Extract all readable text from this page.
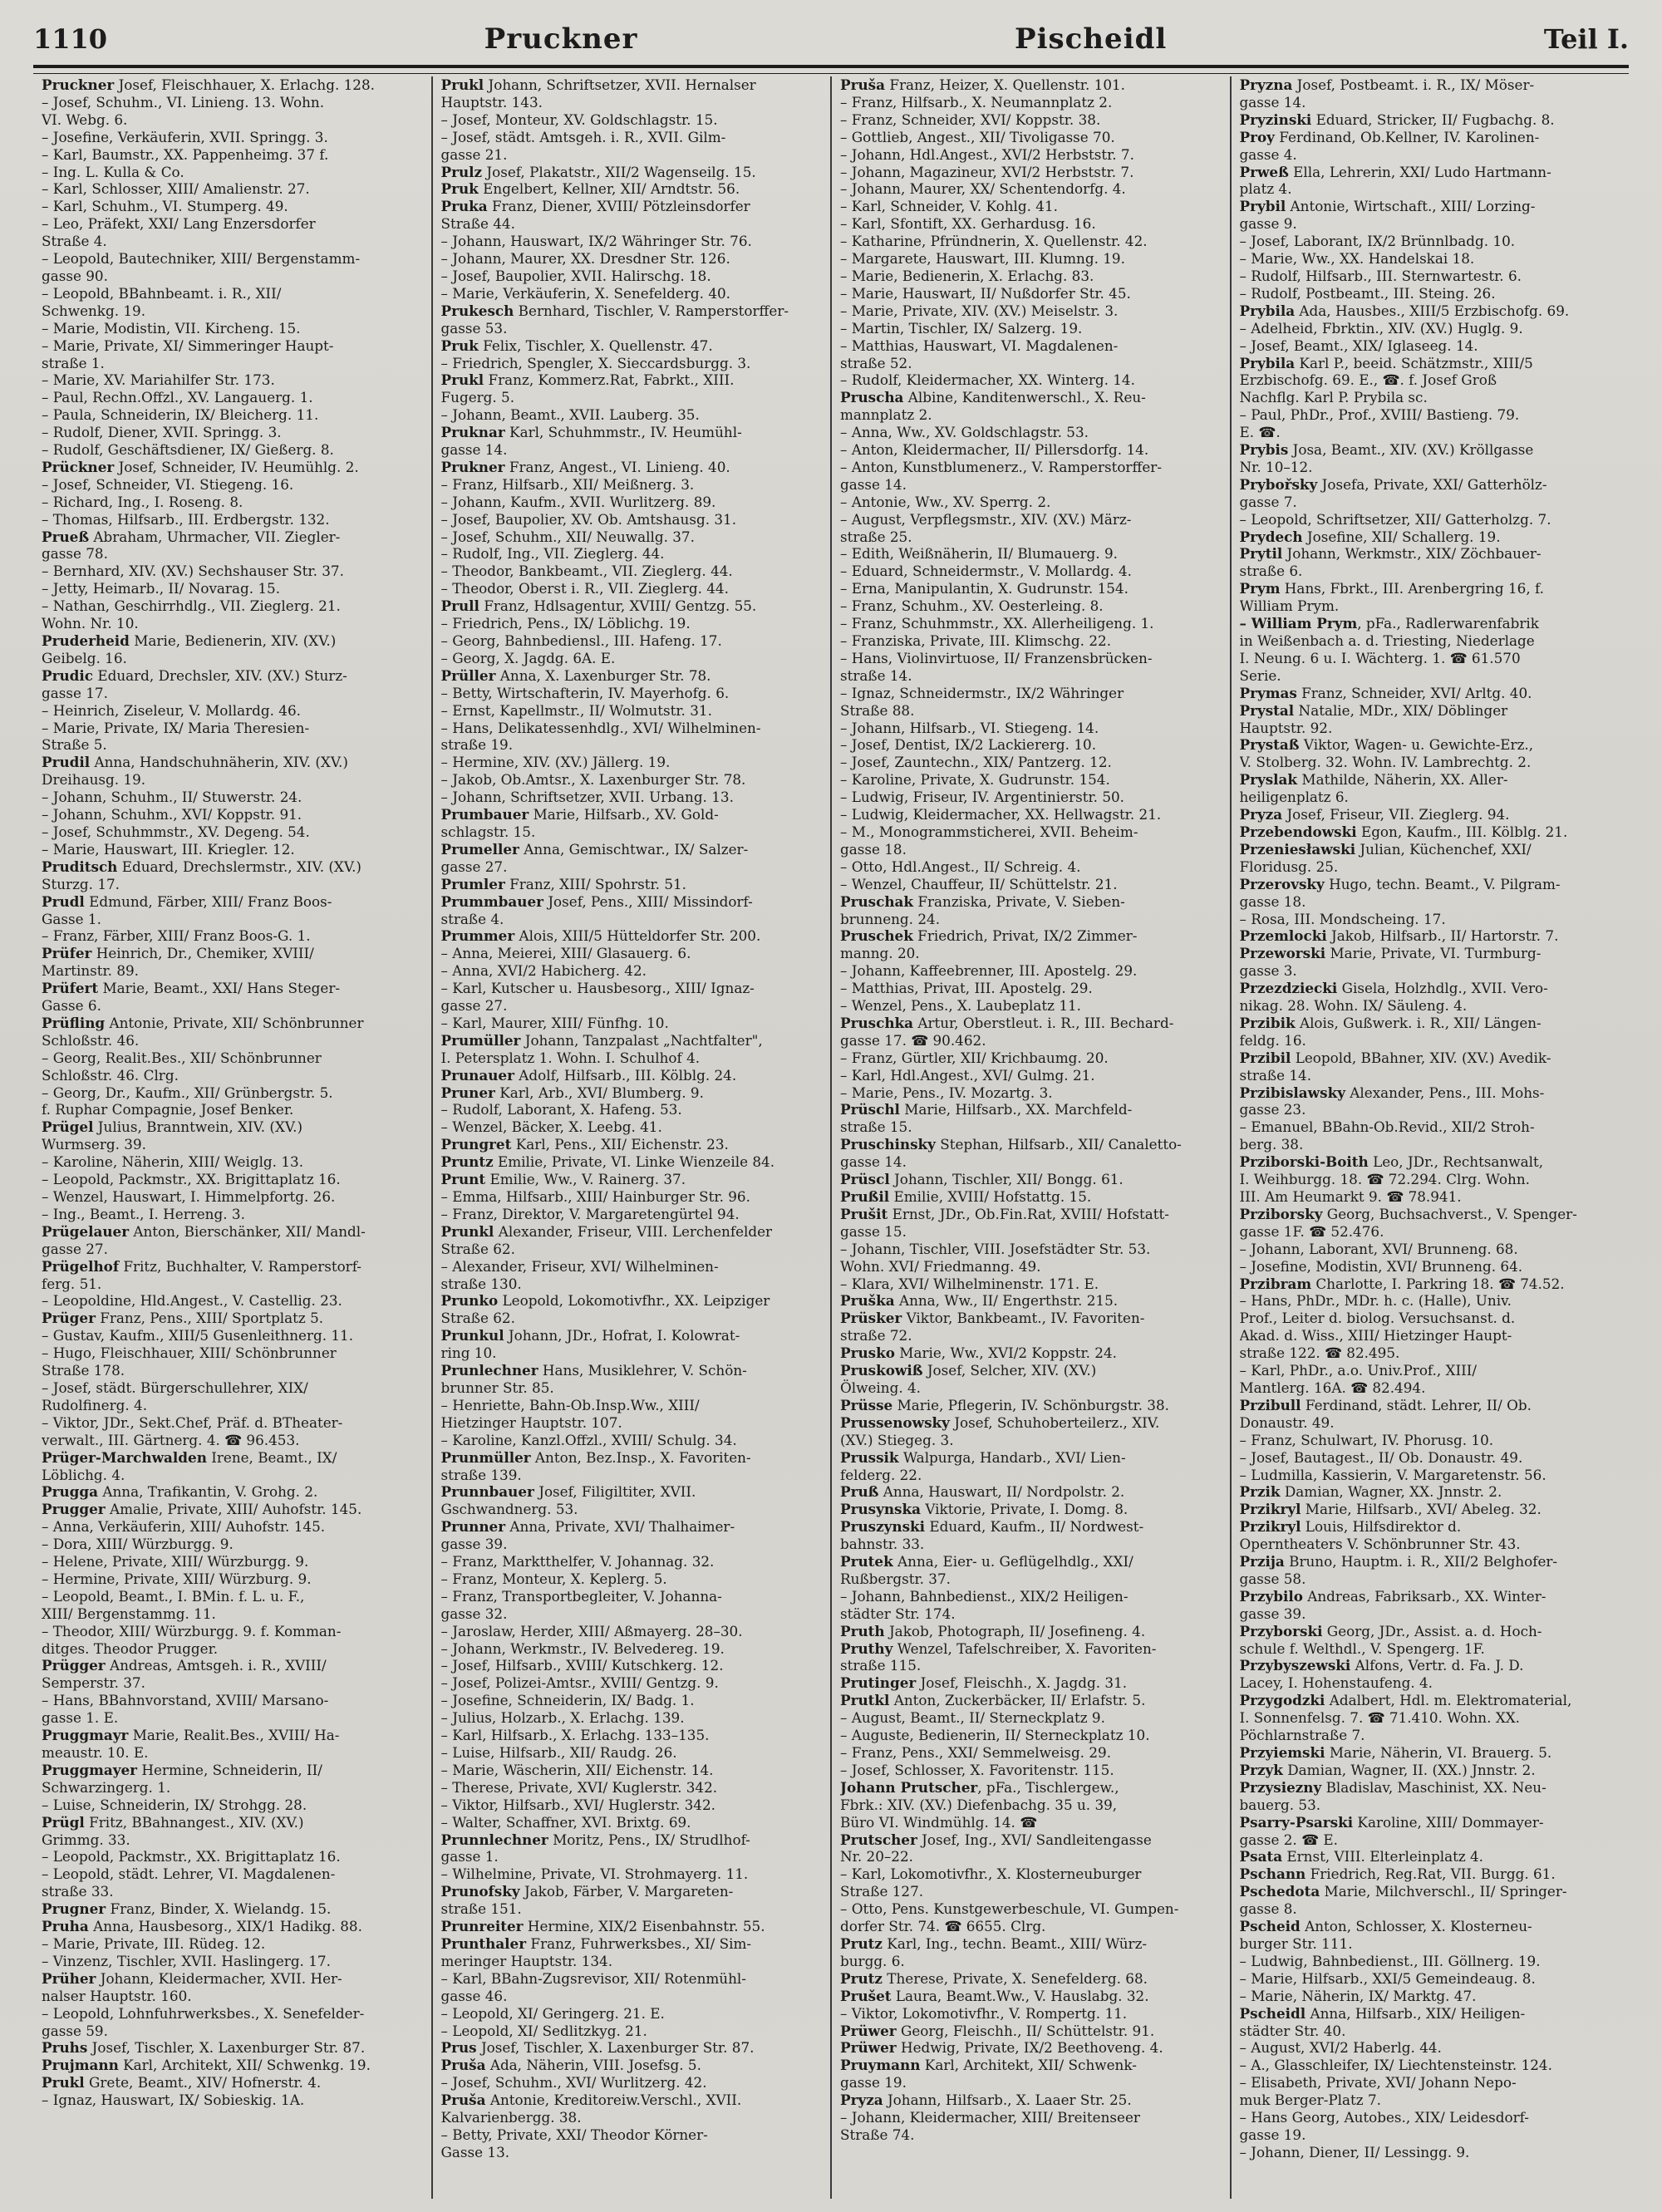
1110	Pruckner	Pischeidl	Teil I.
Pruckner Josef, Fleischhauer, X. Erlachg. 128.
– Josef, Schuhm., VI. Linieng. 13. Wohn.
VI. Webg. 6.
– Josefine, Verkäuferin, XVII. Springg. 3.
– Karl, Baumstr., XX. Pappenheimg. 37 f.
– Ing. L. Kulla & Co.
– Karl, Schlosser, XIII/ Amalienstr. 27.
– Karl, Schuhm., VI. Stumperg. 49.
– Leo, Präfekt, XXI/ Lang Enzersdorfer
Straße 4.
– Leopold, Bautechniker, XIII/ Bergenstamm-
gasse 90.
– Leopold, BBahnbeamt. i. R., XII/
Schwenkg. 19.
– Marie, Modistin, VII. Kircheng. 15.
– Marie, Private, XI/ Simmeringer Haupt-
straße 1.
– Marie, XV. Mariahilfer Str. 173.
– Paul, Rechn.Offzl., XV. Langauerg. 1.
– Paula, Schneiderin, IX/ Bleicherg. 11.
– Rudolf, Diener, XVII. Springg. 3.
– Rudolf, Geschäftsdiener, IX/ Gießerg. 8.
Prückner Josef, Schneider, IV. Heumühlg. 2.
– Josef, Schneider, VI. Stiegeng. 16.
– Richard, Ing., I. Roseng. 8.
– Thomas, Hilfsarb., III. Erdbergstr. 132.
Prueß Abraham, Uhrmacher, VII. Ziegler-
gasse 78.
– Bernhard, XIV. (XV.) Sechshauser Str. 37.
– Jetty, Heimarb., II/ Novarag. 15.
– Nathan, Geschirrhdlg., VII. Zieglerg. 21.
Wohn. Nr. 10.
Pruderheid Marie, Bedienerin, XIV. (XV.)
Geibelg. 16.
Prudic Eduard, Drechsler, XIV. (XV.) Sturz-
gasse 17.
– Heinrich, Ziseleur, V. Mollardg. 46.
– Marie, Private, IX/ Maria Theresien-
Straße 5.
Prudil Anna, Handschuhnäherin, XIV. (XV.)
Dreihausg. 19.
– Johann, Schuhm., II/ Stuwerstr. 24.
– Johann, Schuhm., XVI/ Koppstr. 91.
– Josef, Schuhmmstr., XV. Degeng. 54.
– Marie, Hauswart, III. Kriegler. 12.
Pruditsch Eduard, Drechslermstr., XIV. (XV.)
Sturzg. 17.
Prudl Edmund, Färber, XIII/ Franz Boos-
Gasse 1.
– Franz, Färber, XIII/ Franz Boos-G. 1.
Prüfer Heinrich, Dr., Chemiker, XVIII/
Martinstr. 89.
Prüfert Marie, Beamt., XXI/ Hans Steger-
Gasse 6.
Prüfling Antonie, Private, XII/ Schönbrunner
Schloßstr. 46.
– Georg, Realit.Bes., XII/ Schönbrunner
Schloßstr. 46. Clrg.
– Georg, Dr., Kaufm., XII/ Grünbergstr. 5.
f. Ruphar Compagnie, Josef Benker.
Prügel Julius, Branntwein, XIV. (XV.)
Wurmserg. 39.
– Karoline, Näherin, XIII/ Weiglg. 13.
– Leopold, Packmstr., XX. Brigittaplatz 16.
– Wenzel, Hauswart, I. Himmelpfortg. 26.
– Ing., Beamt., I. Herreng. 3.
Prügelauer Anton, Bierschänker, XII/ Mandl-
gasse 27.
Prügelhof Fritz, Buchhalter, V. Ramperstorf-
ferg. 51.
– Leopoldine, Hld.Angest., V. Castellig. 23.
Prüger Franz, Pens., XIII/ Sportplatz 5.
– Gustav, Kaufm., XIII/5 Gusenleithnerg. 11.
– Hugo, Fleischhauer, XIII/ Schönbrunner
Straße 178.
– Josef, städt. Bürgerschullehrer, XIX/
Rudolfinerg. 4.
– Viktor, JDr., Sekt.Chef, Präf. d. BTheater-
verwalt., III. Gärtnerg. 4. ☎ 96.453.
Prüger-Marchwalden Irene, Beamt., IX/
Löblichg. 4.
Prugga Anna, Trafikantin, V. Grohg. 2.
Prugger Amalie, Private, XIII/ Auhofstr. 145.
– Anna, Verkäuferin, XIII/ Auhofstr. 145.
– Dora, XIII/ Würzburgg. 9.
– Helene, Private, XIII/ Würzburgg. 9.
– Hermine, Private, XIII/ Würzburg. 9.
– Leopold, Beamt., I. BMin. f. L. u. F.,
XIII/ Bergenstammg. 11.
– Theodor, XIII/ Würzburgg. 9. f. Komman-
ditges. Theodor Prugger.
Prügger Andreas, Amtsgeh. i. R., XVIII/
Semperstr. 37.
– Hans, BBahnvorstand, XVIII/ Marsano-
gasse 1. E.
Pruggmayr Marie, Realit.Bes., XVIII/ Ha-
meaustr. 10. E.
Pruggmayer Hermine, Schneiderin, II/
Schwarzingerg. 1.
– Luise, Schneiderin, IX/ Strohgg. 28.
Prügl Fritz, BBahnangest., XIV. (XV.)
Grimmg. 33.
– Leopold, Packmstr., XX. Brigittaplatz 16.
– Leopold, städt. Lehrer, VI. Magdalenen-
straße 33.
Prugner Franz, Binder, X. Wielandg. 15.
Pruha Anna, Hausbesorg., XIX/1 Hadikg. 88.
– Marie, Private, III. Rüdeg. 12.
– Vinzenz, Tischler, XVII. Haslingerg. 17.
Prüher Johann, Kleidermacher, XVII. Her-
nalser Hauptstr. 160.
– Leopold, Lohnfuhrwerksbes., X. Senefelder-
gasse 59.
Pruhs Josef, Tischler, X. Laxenburger Str. 87.
Prujmann Karl, Architekt, XII/ Schwenkg. 19.
Prukl Grete, Beamt., XIV/ Hofnerstr. 4.
– Ignaz, Hauswart, IX/ Sobieskig. 1A.
Prukl Johann, Schriftsetzer, XVII. Hernalser
Hauptstr. 143.
– Josef, Monteur, XV. Goldschlagstr. 15.
– Josef, städt. Amtsgeh. i. R., XVII. Gilm-
gasse 21.
Prulz Josef, Plakatstr., XII/2 Wagenseilg. 15.
Pruk Engelbert, Kellner, XII/ Arndtstr. 56.
Pruka Franz, Diener, XVIII/ Pötzleinsdorfer
Straße 44.
– Johann, Hauswart, IX/2 Währinger Str. 76.
– Johann, Maurer, XX. Dresdner Str. 126.
– Josef, Baupolier, XVII. Halirschg. 18.
– Marie, Verkäuferin, X. Senefelderg. 40.
Prukesch Bernhard, Tischler, V. Ramperstorffer-
gasse 53.
Pruk Felix, Tischler, X. Quellenstr. 47.
– Friedrich, Spengler, X. Sieccardsburgg. 3.
Prukl Franz, Kommerz.Rat, Fabrkt., XIII.
Fugerg. 5.
– Johann, Beamt., XVII. Lauberg. 35.
Pruknar Karl, Schuhmmstr., IV. Heumühl-
gasse 14.
Prukner Franz, Angest., VI. Linieng. 40.
– Franz, Hilfsarb., XII/ Meißnerg. 3.
– Johann, Kaufm., XVII. Wurlitzerg. 89.
– Josef, Baupolier, XV. Ob. Amtshausg. 31.
– Josef, Schuhm., XII/ Neuwallg. 37.
– Rudolf, Ing., VII. Zieglerg. 44.
– Theodor, Bankbeamt., VII. Zieglerg. 44.
– Theodor, Oberst i. R., VII. Zieglerg. 44.
Prull Franz, Hdlsagentur, XVIII/ Gentzg. 55.
– Friedrich, Pens., IX/ Löblichg. 19.
– Georg, Bahnbediensl., III. Hafeng. 17.
– Georg, X. Jagdg. 6A. E.
Prüller Anna, X. Laxenburger Str. 78.
– Betty, Wirtschafterin, IV. Mayerhofg. 6.
– Ernst, Kapellmstr., II/ Wolmutstr. 31.
– Hans, Delikatessenhdlg., XVI/ Wilhelminen-
straße 19.
– Hermine, XIV. (XV.) Jällerg. 19.
– Jakob, Ob.Amtsr., X. Laxenburger Str. 78.
– Johann, Schriftsetzer, XVII. Urbang. 13.
Prumbauer Marie, Hilfsarb., XV. Gold-
schlagstr. 15.
Prumeller Anna, Gemischtwar., IX/ Salzer-
gasse 27.
Prumler Franz, XIII/ Spohrstr. 51.
Prummbauer Josef, Pens., XIII/ Missindorf-
straße 4.
Prummer Alois, XIII/5 Hütteldorfer Str. 200.
– Anna, Meierei, XIII/ Glasauerg. 6.
– Anna, XVI/2 Habicherg. 42.
– Karl, Kutscher u. Hausbesorg., XIII/ Ignaz-
gasse 27.
– Karl, Maurer, XIII/ Fünfhg. 10.
Prumüller Johann, Tanzpalast „Nachtfalter",
I. Petersplatz 1. Wohn. I. Schulhof 4.
Prunauer Adolf, Hilfsarb., III. Kölblg. 24.
Pruner Karl, Arb., XVI/ Blumberg. 9.
– Rudolf, Laborant, X. Hafeng. 53.
– Wenzel, Bäcker, X. Leebg. 41.
Prungret Karl, Pens., XII/ Eichenstr. 23.
Pruntz Emilie, Private, VI. Linke Wienzeile 84.
Prunt Emilie, Ww., V. Rainerg. 37.
– Emma, Hilfsarb., XIII/ Hainburger Str. 96.
– Franz, Direktor, V. Margaretengürtel 94.
Prunkl Alexander, Friseur, VIII. Lerchenfelder
Straße 62.
– Alexander, Friseur, XVI/ Wilhelminen-
straße 130.
Prunko Leopold, Lokomotivfhr., XX. Leipziger
Straße 62.
Prunkul Johann, JDr., Hofrat, I. Kolowrat-
ring 10.
Prunlechner Hans, Musiklehrer, V. Schön-
brunner Str. 85.
– Henriette, Bahn-Ob.Insp.Ww., XIII/
Hietzinger Hauptstr. 107.
– Karoline, Kanzl.Offzl., XVIII/ Schulg. 34.
Prunmüller Anton, Bez.Insp., X. Favoriten-
straße 139.
Prunnbauer Josef, Filigiltiter, XVII.
Gschwandnerg. 53.
Prunner Anna, Private, XVI/ Thalhaimer-
gasse 39.
– Franz, Marktthelfer, V. Johannag. 32.
– Franz, Monteur, X. Keplerg. 5.
– Franz, Transportbegleiter, V. Johanna-
gasse 32.
– Jaroslaw, Herder, XIII/ Aßmayerg. 28–30.
– Johann, Werkmstr., IV. Belvedereg. 19.
– Josef, Hilfsarb., XVIII/ Kutschkerg. 12.
– Josef, Polizei-Amtsr., XVIII/ Gentzg. 9.
– Josefine, Schneiderin, IX/ Badg. 1.
– Julius, Holzarb., X. Erlachg. 139.
– Karl, Hilfsarb., X. Erlachg. 133–135.
– Luise, Hilfsarb., XII/ Raudg. 26.
– Marie, Wäscherin, XII/ Eichenstr. 14.
– Therese, Private, XVI/ Kuglerstr. 342.
– Viktor, Hilfsarb., XVI/ Huglerstr. 342.
– Walter, Schaffner, XVI. Brixtg. 69.
Prunnlechner Moritz, Pens., IX/ Strudlhof-
gasse 1.
– Wilhelmine, Private, VI. Strohmayerg. 11.
Prunofsky Jakob, Färber, V. Margareten-
straße 151.
Prunreiter Hermine, XIX/2 Eisenbahnstr. 55.
Prunthaler Franz, Fuhrwerksbes., XI/ Sim-
meringer Hauptstr. 134.
– Karl, BBahn-Zugsrevisor, XII/ Rotenmühl-
gasse 46.
– Leopold, XI/ Geringerg. 21. E.
– Leopold, XI/ Sedlitzkyg. 21.
Prus Josef, Tischler, X. Laxenburger Str. 87.
Pruša Ada, Näherin, VIII. Josefsg. 5.
– Josef, Schuhm., XVI/ Wurlitzerg. 42.
Pruša Antonie, Kreditoreiw.Verschl., XVII.
Kalvarienbergg. 38.
– Betty, Private, XXI/ Theodor Körner-
Gasse 13.
Pruša Franz, Heizer, X. Quellenstr. 101.
– Franz, Hilfsarb., X. Neumannplatz 2.
– Franz, Schneider, XVI/ Koppstr. 38.
– Gottlieb, Angest., XII/ Tivoligasse 70.
– Johann, Hdl.Angest., XVI/2 Herbststr. 7.
– Johann, Magazineur, XVI/2 Herbststr. 7.
– Johann, Maurer, XX/ Schentendorfg. 4.
– Karl, Schneider, V. Kohlg. 41.
– Karl, Sfontift, XX. Gerhardusg. 16.
– Katharine, Pfründnerin, X. Quellenstr. 42.
– Margarete, Hauswart, III. Klumng. 19.
– Marie, Bedienerin, X. Erlachg. 83.
– Marie, Hauswart, II/ Nußdorfer Str. 45.
– Marie, Private, XIV. (XV.) Meiselstr. 3.
– Martin, Tischler, IX/ Salzerg. 19.
– Matthias, Hauswart, VI. Magdalenen-
straße 52.
– Rudolf, Kleidermacher, XX. Winterg. 14.
Pruscha Albine, Kanditenwerschl., X. Reu-
mannplatz 2.
– Anna, Ww., XV. Goldschlagstr. 53.
– Anton, Kleidermacher, II/ Pillersdorfg. 14.
– Anton, Kunstblumenerz., V. Ramperstorffer-
gasse 14.
– Antonie, Ww., XV. Sperrg. 2.
– August, Verpflegsmstr., XIV. (XV.) März-
straße 25.
– Edith, Weißnäherin, II/ Blumauerg. 9.
– Eduard, Schneidermstr., V. Mollardg. 4.
– Erna, Manipulantin, X. Gudrunstr. 154.
– Franz, Schuhm., XV. Oesterleing. 8.
– Franz, Schuhmmstr., XX. Allerheiligeng. 1.
– Franziska, Private, III. Klimschg. 22.
– Hans, Violinvirtuose, II/ Franzensbrücken-
straße 14.
– Ignaz, Schneidermstr., IX/2 Währinger
Straße 88.
– Johann, Hilfsarb., VI. Stiegeng. 14.
– Josef, Dentist, IX/2 Lackiererg. 10.
– Josef, Zauntechn., XIX/ Pantzerg. 12.
– Karoline, Private, X. Gudrunstr. 154.
– Ludwig, Friseur, IV. Argentinierstr. 50.
– Ludwig, Kleidermacher, XX. Hellwagstr. 21.
– M., Monogrammsticherei, XVII. Beheim-
gasse 18.
– Otto, Hdl.Angest., II/ Schreig. 4.
– Wenzel, Chauffeur, II/ Schüttelstr. 21.
Pruschak Franziska, Private, V. Sieben-
brunneng. 24.
Pruschek Friedrich, Privat, IX/2 Zimmer-
manng. 20.
– Johann, Kaffeebrenner, III. Apostelg. 29.
– Matthias, Privat, III. Apostelg. 29.
– Wenzel, Pens., X. Laubeplatz 11.
Pruschka Artur, Oberstleut. i. R., III. Bechard-
gasse 17. ☎ 90.462.
– Franz, Gürtler, XII/ Krichbaumg. 20.
– Karl, Hdl.Angest., XVI/ Gulmg. 21.
– Marie, Pens., IV. Mozartg. 3.
Prüschl Marie, Hilfsarb., XX. Marchfeld-
straße 15.
Pruschinsky Stephan, Hilfsarb., XII/ Canaletto-
gasse 14.
Prüscl Johann, Tischler, XII/ Bongg. 61.
Prußil Emilie, XVIII/ Hofstattg. 15.
Prušit Ernst, JDr., Ob.Fin.Rat, XVIII/ Hofstatt-
gasse 15.
– Johann, Tischler, VIII. Josefstädter Str. 53.
Wohn. XVI/ Friedmanng. 49.
– Klara, XVI/ Wilhelminenstr. 171. E.
Pruška Anna, Ww., II/ Engerthstr. 215.
Prüsker Viktor, Bankbeamt., IV. Favoriten-
straße 72.
Prusko Marie, Ww., XVI/2 Koppstr. 24.
Pruskowiß Josef, Selcher, XIV. (XV.)
Ölweing. 4.
Prüsse Marie, Pflegerin, IV. Schönburgstr. 38.
Prussenowsky Josef, Schuhoberteilerz., XIV.
(XV.) Stiegeg. 3.
Prussik Walpurga, Handarb., XVI/ Lien-
felderg. 22.
Pruß Anna, Hauswart, II/ Nordpolstr. 2.
Prusynska Viktorie, Private, I. Domg. 8.
Pruszynski Eduard, Kaufm., II/ Nordwest-
bahnstr. 33.
Prutek Anna, Eier- u. Geflügelhdlg., XXI/
Rußbergstr. 37.
– Johann, Bahnbedienst., XIX/2 Heiligen-
städter Str. 174.
Pruth Jakob, Photograph, II/ Josefineng. 4.
Pruthy Wenzel, Tafelschreiber, X. Favoriten-
straße 115.
Prutinger Josef, Fleischh., X. Jagdg. 31.
Prutkl Anton, Zuckerbäcker, II/ Erlafstr. 5.
– August, Beamt., II/ Sterneckplatz 9.
– Auguste, Bedienerin, II/ Sterneckplatz 10.
– Franz, Pens., XXI/ Semmelweisg. 29.
– Josef, Schlosser, X. Favoritenstr. 115.
Johann Prutscher, pFa., Tischlergew.,
Fbrk.: XIV. (XV.) Diefenbachg. 35 u. 39,
Büro VI. Windmühlg. 14. ☎
Prutscher Josef, Ing., XVI/ Sandleitengasse
Nr. 20–22.
– Karl, Lokomotivfhr., X. Klosterneuburger
Straße 127.
– Otto, Pens. Kunstgewerbeschule, VI. Gumpen-
dorfer Str. 74. ☎ 6655. Clrg.
Prutz Karl, Ing., techn. Beamt., XIII/ Würz-
burgg. 6.
Prutz Therese, Private, X. Senefelderg. 68.
Prušet Laura, Beamt.Ww., V. Hauslabg. 32.
– Viktor, Lokomotivfhr., V. Rompertg. 11.
Prüwer Georg, Fleischh., II/ Schüttelstr. 91.
Prüwer Hedwig, Private, IX/2 Beethoveng. 4.
Pruymann Karl, Architekt, XII/ Schwenk-
gasse 19.
Pryza Johann, Hilfsarb., X. Laaer Str. 25.
– Johann, Kleidermacher, XIII/ Breitenseer
Straße 74.
Pryzna Josef, Postbeamt. i. R., IX/ Möser-
gasse 14.
Pryzinski Eduard, Stricker, II/ Fugbachg. 8.
Proy Ferdinand, Ob.Kellner, IV. Karolinen-
gasse 4.
Prweß Ella, Lehrerin, XXI/ Ludo Hartmann-
platz 4.
Prybil Antonie, Wirtschaft., XIII/ Lorzing-
gasse 9.
– Josef, Laborant, IX/2 Brünnlbadg. 10.
– Marie, Ww., XX. Handelskai 18.
– Rudolf, Hilfsarb., III. Sternwartestr. 6.
– Rudolf, Postbeamt., III. Steing. 26.
Prybila Ada, Hausbes., XIII/5 Erzbischofg. 69.
– Adelheid, Fbrktin., XIV. (XV.) Huglg. 9.
– Josef, Beamt., XIX/ Iglaseeg. 14.
Prybila Karl P., beeid. Schätzmstr., XIII/5
Erzbischofg. 69. E., ☎. f. Josef Groß
Nachflg. Karl P. Prybila sc.
– Paul, PhDr., Prof., XVIII/ Bastieng. 79.
E. ☎.
Prybis Josa, Beamt., XIV. (XV.) Kröllgasse
Nr. 10–12.
Prybořsky Josefa, Private, XXI/ Gatterhölz-
gasse 7.
– Leopold, Schriftsetzer, XII/ Gatterholzg. 7.
Prydech Josefine, XII/ Schallerg. 19.
Prytil Johann, Werkmstr., XIX/ Zöchbauer-
straße 6.
Prym Hans, Fbrkt., III. Arenbergring 16, f.
William Prym.
– William Prym, pFa., Radlerwarenfabrik
in Weißenbach a. d. Triesting, Niederlage
I. Neung. 6 u. I. Wächterg. 1. ☎ 61.570
Serie.
Prymas Franz, Schneider, XVI/ Arltg. 40.
Prystal Natalie, MDr., XIX/ Döblinger
Hauptstr. 92.
Prystaß Viktor, Wagen- u. Gewichte-Erz.,
V. Stolberg. 32. Wohn. IV. Lambrechtg. 2.
Pryslak Mathilde, Näherin, XX. Aller-
heiligenplatz 6.
Pryza Josef, Friseur, VII. Zieglerg. 94.
Przebendowski Egon, Kaufm., III. Kölblg. 21.
Przeniesławski Julian, Küchenchef, XXI/
Floridusg. 25.
Przerovsky Hugo, techn. Beamt., V. Pilgram-
gasse 18.
– Rosa, III. Mondscheing. 17.
Przemlocki Jakob, Hilfsarb., II/ Hartorstr. 7.
Przeworski Marie, Private, VI. Turmburg-
gasse 3.
Przezdziecki Gisela, Holzhdlg., XVII. Vero-
nikag. 28. Wohn. IX/ Säuleng. 4.
Przibik Alois, Gußwerk. i. R., XII/ Längen-
feldg. 16.
Przibil Leopold, BBahner, XIV. (XV.) Avedik-
straße 14.
Przibislawsky Alexander, Pens., III. Mohs-
gasse 23.
– Emanuel, BBahn-Ob.Revid., XII/2 Stroh-
berg. 38.
Prziborski-Boith Leo, JDr., Rechtsanwalt,
I. Weihburgg. 18. ☎ 72.294. Clrg. Wohn.
III. Am Heumarkt 9. ☎ 78.941.
Prziborsky Georg, Buchsachverst., V. Spenger-
gasse 1F. ☎ 52.476.
– Johann, Laborant, XVI/ Brunneng. 68.
– Josefine, Modistin, XVI/ Brunneng. 64.
Przibram Charlotte, I. Parkring 18. ☎ 74.52.
– Hans, PhDr., MDr. h. c. (Halle), Univ.
Prof., Leiter d. biolog. Versuchsanst. d.
Akad. d. Wiss., XIII/ Hietzinger Haupt-
straße 122. ☎ 82.495.
– Karl, PhDr., a.o. Univ.Prof., XIII/
Mantlerg. 16A. ☎ 82.494.
Przibull Ferdinand, städt. Lehrer, II/ Ob.
Donaustr. 49.
– Franz, Schulwart, IV. Phorusg. 10.
– Josef, Bautagest., II/ Ob. Donaustr. 49.
– Ludmilla, Kassierin, V. Margaretenstr. 56.
Przik Damian, Wagner, XX. Jnnstr. 2.
Przikryl Marie, Hilfsarb., XVI/ Abeleg. 32.
Przikryl Louis, Hilfsdirektor d.
Operntheaters V. Schönbrunner Str. 43.
Przija Bruno, Hauptm. i. R., XII/2 Belghofer-
gasse 58.
Przybilo Andreas, Fabriksarb., XX. Winter-
gasse 39.
Przyborski Georg, JDr., Assist. a. d. Hoch-
schule f. Welthdl., V. Spengerg. 1F.
Przybyszewski Alfons, Vertr. d. Fa. J. D.
Lacey, I. Hohenstaufeng. 4.
Przygodzki Adalbert, Hdl. m. Elektromaterial,
I. Sonnenfelsg. 7. ☎ 71.410. Wohn. XX.
Pöchlarnstraße 7.
Przyiemski Marie, Näherin, VI. Brauerg. 5.
Przyk Damian, Wagner, II. (XX.) Jnnstr. 2.
Przysiezny Bladislav, Maschinist, XX. Neu-
bauerg. 53.
Psarry-Psarski Karoline, XIII/ Dommayer-
gasse 2. ☎ E.
Psata Ernst, VIII. Elterleinplatz 4.
Pschann Friedrich, Reg.Rat, VII. Burgg. 61.
Pschedota Marie, Milchverschl., II/ Springer-
gasse 8.
Pscheid Anton, Schlosser, X. Klosterneu-
burger Str. 111.
– Ludwig, Bahnbedienst., III. Göllnerg. 19.
– Marie, Hilfsarb., XXI/5 Gemeindeaug. 8.
– Marie, Näherin, IX/ Marktg. 47.
Pscheidl Anna, Hilfsarb., XIX/ Heiligen-
städter Str. 40.
– August, XVI/2 Haberlg. 44.
– A., Glasschleifer, IX/ Liechtensteinstr. 124.
– Elisabeth, Private, XVI/ Johann Nepo-
muk Berger-Platz 7.
– Hans Georg, Autobes., XIX/ Leidesdorf-
gasse 19.
– Johann, Diener, II/ Lessingg. 9.
